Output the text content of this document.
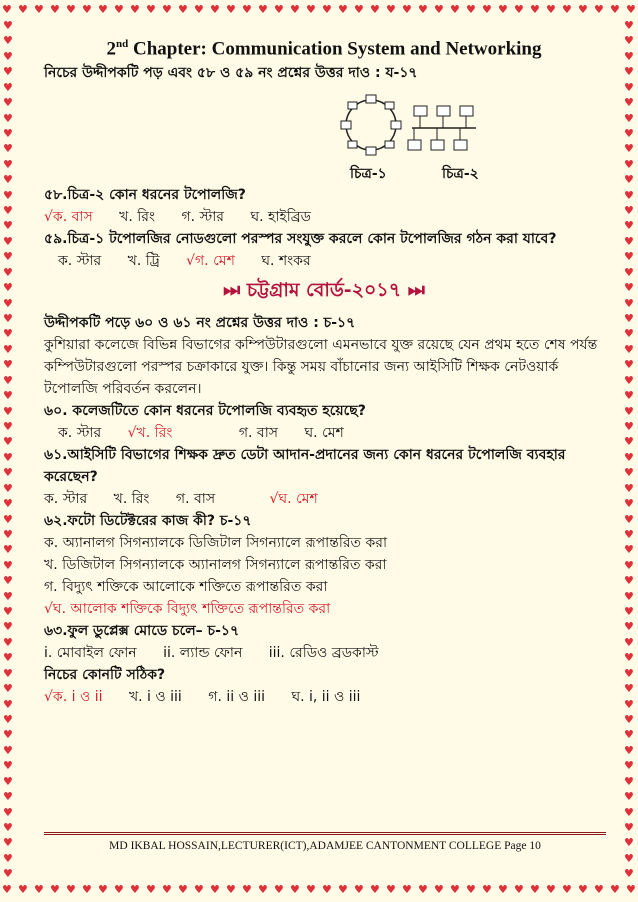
♥ ♥ ♥ ♥ ♥ ♥ ♥ ♥ ♥ ♥ ♥ ♥ ♥ ♥ ♥ ♥ ♥ ♥ ♥ ♥ ♥ ♥ ♥ ♥ ♥ ♥ ♥ ♥ ♥ ♥ ♥ ♥ ♥ ♥ ♥ ♥ ♥ ♥ ♥ ♥
♥ ♥ ♥ ♥ ♥ ♥ ♥ ♥ ♥ ♥ ♥ ♥ ♥ ♥ ♥ ♥ ♥ ♥ ♥ ♥ ♥ ♥ ♥ ♥ ♥ ♥ ♥ ♥ ♥ ♥ ♥ ♥ ♥ ♥ ♥ ♥ ♥ ♥ ♥ ♥
♥
♥
♥
♥
♥
♥
♥
♥
♥
♥
♥
♥
♥
♥
♥
♥
♥
♥
♥
♥
♥
♥
♥
♥
♥
♥
♥
♥
♥
♥
♥
♥
♥
♥
♥
♥
♥
♥
♥
♥
♥
♥
♥
♥
♥
♥
♥
♥
♥
♥
♥
♥
♥
♥
♥
♥
♥
♥
♥
♥
♥
♥
♥
♥
♥
♥
♥
♥
♥
♥
♥
♥
♥
♥
♥
♥
♥
♥
♥
♥
♥
♥
♥
♥
♥
♥
♥
♥
♥
♥
♥
♥
♥
♥
♥
♥
♥
♥
♥
♥
♥
♥
♥
♥
♥
♥
♥
♥
♥
♥
♥
♥

2nd Chapter: Communication System and Networking

নিচের উদ্দীপকটি পড় এবং ৫৮ ও ৫৯ নং প্রশ্নের উত্তর দাও : য-১৭

চিত্র-১	চিত্র-২

৫৮.চিত্র-২ কোন ধরনের টপোলজি?

√ক. বাস খ. রিং গ. স্টার ঘ. হাইব্রিড

৫৯.চিত্র-১ টপোলজির নোডগুলো পরস্পর সংযুক্ত করলে কোন টপোলজির গঠন করা যাবে?

ক. স্টার খ. ট্রি √গ. মেশ ঘ. শংকর

⏭ চট্টগ্রাম বোর্ড-২০১৭ ⏭

উদ্দীপকটি পড়ে ৬০ ও ৬১ নং প্রশ্নের উত্তর দাও : চ-১৭

কুশিয়ারা কলেজে বিভিন্ন বিভাগের কম্পিউটারগুলো এমনভাবে যুক্ত রয়েছে যেন প্রথম হতে শেষ পর্যন্ত কম্পিউটারগুলো পরস্পর চক্রাকারে যুক্ত। কিন্তু সময় বাঁচানোর জন্য আইসিটি শিক্ষক নেটওয়ার্ক টপোলজি পরিবর্তন করলেন।

৬০. কলেজটিতে কোন ধরনের টপোলজি ব্যবহৃত হয়েছে?

ক. স্টার √খ. রিং	গ. বাস ঘ. মেশ

৬১.আইসিটি বিভাগের শিক্ষক দ্রুত ডেটা আদান-প্রদানের জন্য কোন ধরনের টপোলজি ব্যবহার করেছেন?

ক. স্টার খ. রিং গ. বাস	√ঘ. মেশ

৬২.ফটো ডিটেক্টরের কাজ কী? চ-১৭

ক. অ্যানালগ সিগন্যালকে ডিজিটাল সিগন্যালে রূপান্তরিত করা

খ. ডিজিটাল সিগন্যালকে অ্যানালগ সিগন্যালে রূপান্তরিত করা

গ. বিদ্যুৎ শক্তিকে আলোকে শক্তিতে রূপান্তরিত করা

√ঘ. আলোক শক্তিকে বিদ্যুৎ শক্তিতে রূপান্তরিত করা

৬৩.ফুল ডুপ্লেক্স মোডে চলে– চ-১৭

i. মোবাইল ফোন ii. ল্যান্ড ফোন iii. রেডিও ব্রডকাস্ট

নিচের কোনটি সঠিক?

√ক. i ও ii খ. i ও iii গ. ii ও iii ঘ. i, ii ও iii

MD IKBAL HOSSAIN,LECTURER(ICT),ADAMJEE CANTONMENT COLLEGE Page 10
